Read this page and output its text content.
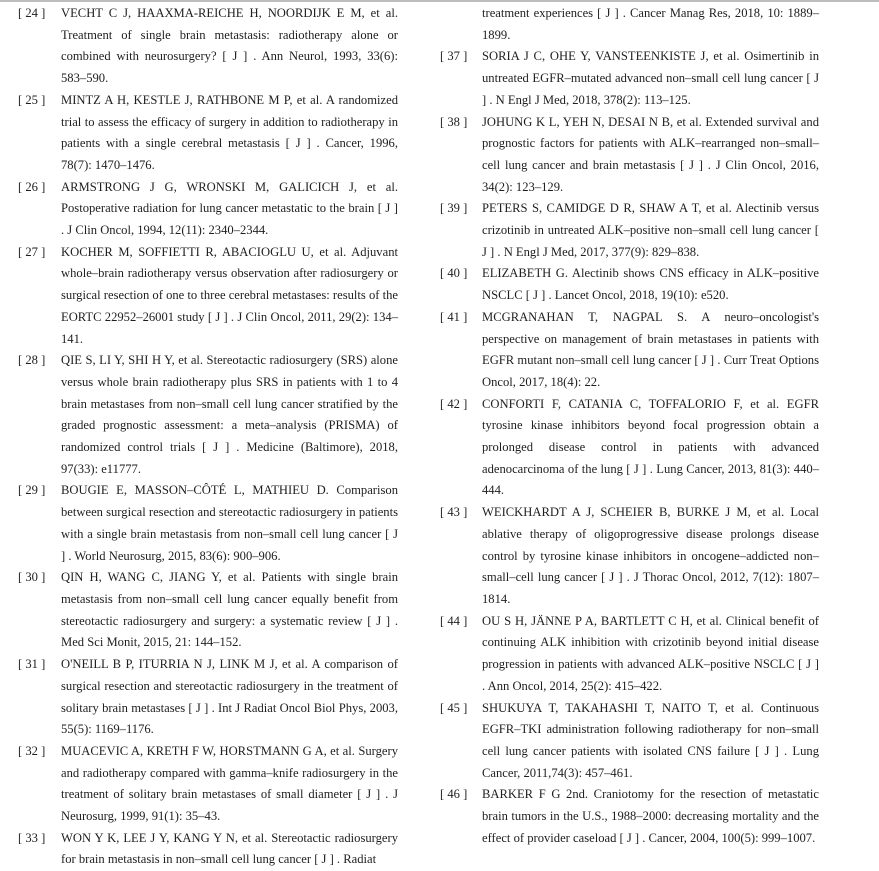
[ 24 ] VECHT C J, HAAXMA-REICHE H, NOORDIJK E M, et al. Treatment of single brain metastasis: radiotherapy alone or combined with neurosurgery? [ J ] . Ann Neurol, 1993, 33(6): 583–590.
[ 25 ] MINTZ A H, KESTLE J, RATHBONE M P, et al. A randomized trial to assess the efficacy of surgery in addition to radiotherapy in patients with a single cerebral metastasis [ J ] . Cancer, 1996, 78(7): 1470–1476.
[ 26 ] ARMSTRONG J G, WRONSKI M, GALICICH J, et al. Postoperative radiation for lung cancer metastatic to the brain [ J ] . J Clin Oncol, 1994, 12(11): 2340–2344.
[ 27 ] KOCHER M, SOFFIETTI R, ABACIOGLU U, et al. Adjuvant whole–brain radiotherapy versus observation after radiosurgery or surgical resection of one to three cerebral metastases: results of the EORTC 22952–26001 study [ J ] . J Clin Oncol, 2011, 29(2): 134–141.
[ 28 ] QIE S, LI Y, SHI H Y, et al. Stereotactic radiosurgery (SRS) alone versus whole brain radiotherapy plus SRS in patients with 1 to 4 brain metastases from non–small cell lung cancer stratified by the graded prognostic assessment: a meta–analysis (PRISMA) of randomized control trials [ J ] . Medicine (Baltimore), 2018, 97(33): e11777.
[ 29 ] BOUGIE E, MASSON–CÔTÉ L, MATHIEU D. Comparison between surgical resection and stereotactic radiosurgery in patients with a single brain metastasis from non–small cell lung cancer [ J ] . World Neurosurg, 2015, 83(6): 900–906.
[ 30 ] QIN H, WANG C, JIANG Y, et al. Patients with single brain metastasis from non–small cell lung cancer equally benefit from stereotactic radiosurgery and surgery: a systematic review [ J ] . Med Sci Monit, 2015, 21: 144–152.
[ 31 ] O'NEILL B P, ITURRIA N J, LINK M J, et al. A comparison of surgical resection and stereotactic radiosurgery in the treatment of solitary brain metastases [ J ] . Int J Radiat Oncol Biol Phys, 2003, 55(5): 1169–1176.
[ 32 ] MUACEVIC A, KRETH F W, HORSTMANN G A, et al. Surgery and radiotherapy compared with gamma–knife radiosurgery in the treatment of solitary brain metastases of small diameter [ J ] . J Neurosurg, 1999, 91(1): 35–43.
[ 33 ] WON Y K, LEE J Y, KANG Y N, et al. Stereotactic radiosurgery for brain metastasis in non–small cell lung cancer [ J ] . Radiat
treatment experiences [ J ] . Cancer Manag Res, 2018, 10: 1889–1899.
[ 37 ] SORIA J C, OHE Y, VANSTEENKISTE J, et al. Osimertinib in untreated EGFR–mutated advanced non–small cell lung cancer [ J ] . N Engl J Med, 2018, 378(2): 113–125.
[ 38 ] JOHUNG K L, YEH N, DESAI N B, et al. Extended survival and prognostic factors for patients with ALK–rearranged non–small–cell lung cancer and brain metastasis [ J ] . J Clin Oncol, 2016, 34(2): 123–129.
[ 39 ] PETERS S, CAMIDGE D R, SHAW A T, et al. Alectinib versus crizotinib in untreated ALK–positive non–small cell lung cancer [ J ] . N Engl J Med, 2017, 377(9): 829–838.
[ 40 ] ELIZABETH G. Alectinib shows CNS efficacy in ALK–positive NSCLC [ J ] . Lancet Oncol, 2018, 19(10): e520.
[ 41 ] MCGRANAHAN T, NAGPAL S. A neuro–oncologist's perspective on management of brain metastases in patients with EGFR mutant non–small cell lung cancer [ J ] . Curr Treat Options Oncol, 2017, 18(4): 22.
[ 42 ] CONFORTI F, CATANIA C, TOFFALORIO F, et al. EGFR tyrosine kinase inhibitors beyond focal progression obtain a prolonged disease control in patients with advanced adenocarcinoma of the lung [ J ] . Lung Cancer, 2013, 81(3): 440–444.
[ 43 ] WEICKHARDT A J, SCHEIER B, BURKE J M, et al. Local ablative therapy of oligoprogressive disease prolongs disease control by tyrosine kinase inhibitors in oncogene–addicted non–small–cell lung cancer [ J ] . J Thorac Oncol, 2012, 7(12): 1807–1814.
[ 44 ] OU S H, JÄNNE P A, BARTLETT C H, et al. Clinical benefit of continuing ALK inhibition with crizotinib beyond initial disease progression in patients with advanced ALK–positive NSCLC [ J ] . Ann Oncol, 2014, 25(2): 415–422.
[ 45 ] SHUKUYA T, TAKAHASHI T, NAITO T, et al. Continuous EGFR–TKI administration following radiotherapy for non–small cell lung cancer patients with isolated CNS failure [ J ] . Lung Cancer, 2011,74(3): 457–461.
[ 46 ] BARKER F G 2nd. Craniotomy for the resection of metastatic brain tumors in the U.S., 1988–2000: decreasing mortality and the effect of provider caseload [ J ] . Cancer, 2004, 100(5): 999–1007.
